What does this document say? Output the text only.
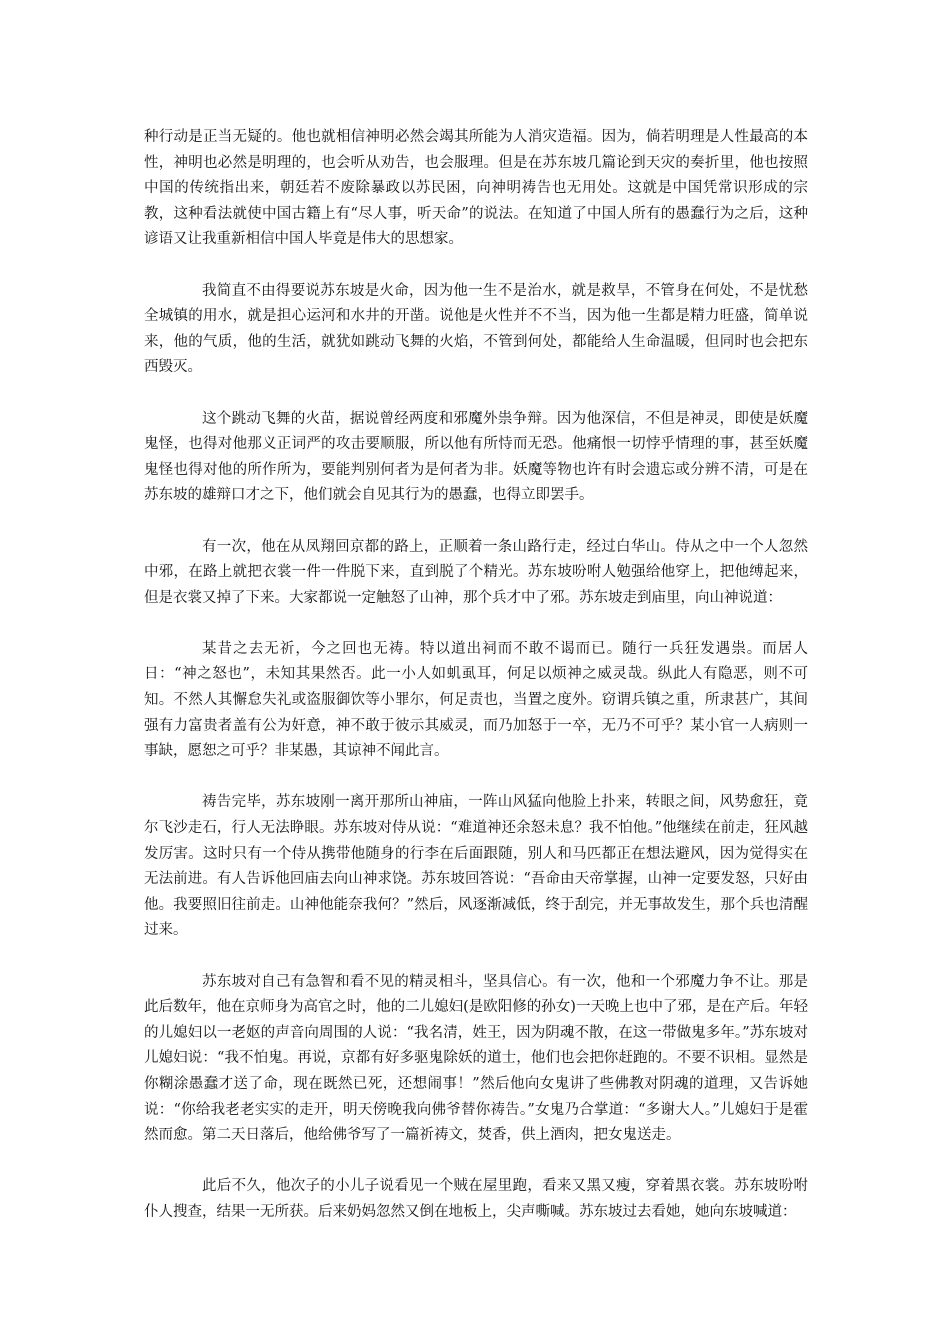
种行动是正当无疑的。他也就相信神明必然会竭其所能为人消灾造福。因为，倘若明理是人性最高的本性，神明也必然是明理的，也会听从劝告，也会服理。但是在苏东坡几篇论到天灾的奏折里，他也按照中国的传统指出来，朝廷若不废除暴政以苏民困，向神明祷告也无用处。这就是中国凭常识形成的宗教，这种看法就使中国古籍上有“尽人事，听天命”的说法。在知道了中国人所有的愚蠢行为之后，这种谚语又让我重新相信中国人毕竟是伟大的思想家。

我简直不由得要说苏东坡是火命，因为他一生不是治水，就是救旱，不管身在何处，不是忧愁全城镇的用水，就是担心运河和水井的开凿。说他是火性并不不当，因为他一生都是精力旺盛，简单说来，他的气质，他的生活，就犹如跳动飞舞的火焰，不管到何处，都能给人生命温暖，但同时也会把东西毁灭。

这个跳动飞舞的火苗，据说曾经两度和邪魔外祟争辩。因为他深信，不但是神灵，即使是妖魔鬼怪，也得对他那义正词严的攻击要顺服，所以他有所恃而无恐。他痛恨一切悖乎情理的事，甚至妖魔鬼怪也得对他的所作所为，要能判别何者为是何者为非。妖魔等物也许有时会遗忘或分辨不清，可是在苏东坡的雄辩口才之下，他们就会自见其行为的愚蠢，也得立即罢手。

有一次，他在从凤翔回京都的路上，正顺着一条山路行走，经过白华山。侍从之中一个人忽然中邪，在路上就把衣裳一件一件脱下来，直到脱了个精光。苏东坡吩咐人勉强给他穿上，把他缚起来，但是衣裳又掉了下来。大家都说一定触怒了山神，那个兵才中了邪。苏东坡走到庙里，向山神说道：

某昔之去无祈，今之回也无祷。特以道出祠而不敢不谒而已。随行一兵狂发遇祟。而居人日：“神之怒也”，未知其果然否。此一小人如虮虱耳，何足以烦神之威灵哉。纵此人有隐恶，则不可知。不然人其懈怠失礼或盗服御饮等小罪尔，何足责也，当置之度外。窃谓兵镇之重，所隶甚广，其间强有力富贵者盖有公为奸意，神不敢于彼示其威灵，而乃加怒于一卒，无乃不可乎？某小官一人病则一事缺，愿恕之可乎？非某愚，其谅神不闻此言。

祷告完毕，苏东坡刚一离开那所山神庙，一阵山风猛向他脸上扑来，转眼之间，风势愈狂，竟尔飞沙走石，行人无法睁眼。苏东坡对侍从说：“难道神还余怒未息？我不怕他。”他继续在前走，狂风越发厉害。这时只有一个侍从携带他随身的行李在后面跟随，别人和马匹都正在想法避风，因为觉得实在无法前进。有人告诉他回庙去向山神求饶。苏东坡回答说：“吾命由天帝掌握，山神一定要发怒，只好由他。我要照旧往前走。山神他能奈我何？”然后，风逐渐减低，终于刮完，并无事故发生，那个兵也清醒过来。

苏东坡对自己有急智和看不见的精灵相斗，坚具信心。有一次，他和一个邪魔力争不让。那是此后数年，他在京师身为高官之时，他的二儿媳妇(是欧阳修的孙女)一天晚上也中了邪，是在产后。年轻的儿媳妇以一老妪的声音向周围的人说：“我名清，姓王，因为阴魂不散，在这一带做鬼多年。”苏东坡对儿媳妇说：“我不怕鬼。再说，京都有好多驱鬼除妖的道士，他们也会把你赶跑的。不要不识相。显然是你糊涂愚蠢才送了命，现在既然已死，还想闹事！”然后他向女鬼讲了些佛教对阴魂的道理，又告诉她说：“你给我老老实实的走开，明天傍晚我向佛爷替你祷告。”女鬼乃合掌道：“多谢大人。”儿媳妇于是霍然而愈。第二天日落后，他给佛爷写了一篇祈祷文，焚香，供上酒肉，把女鬼送走。

此后不久，他次子的小儿子说看见一个贼在屋里跑，看来又黑又瘦，穿着黑衣裳。苏东坡吩咐仆人搜查，结果一无所获。后来奶妈忽然又倒在地板上，尖声嘶喊。苏东坡过去看她，她向东坡喊道：
